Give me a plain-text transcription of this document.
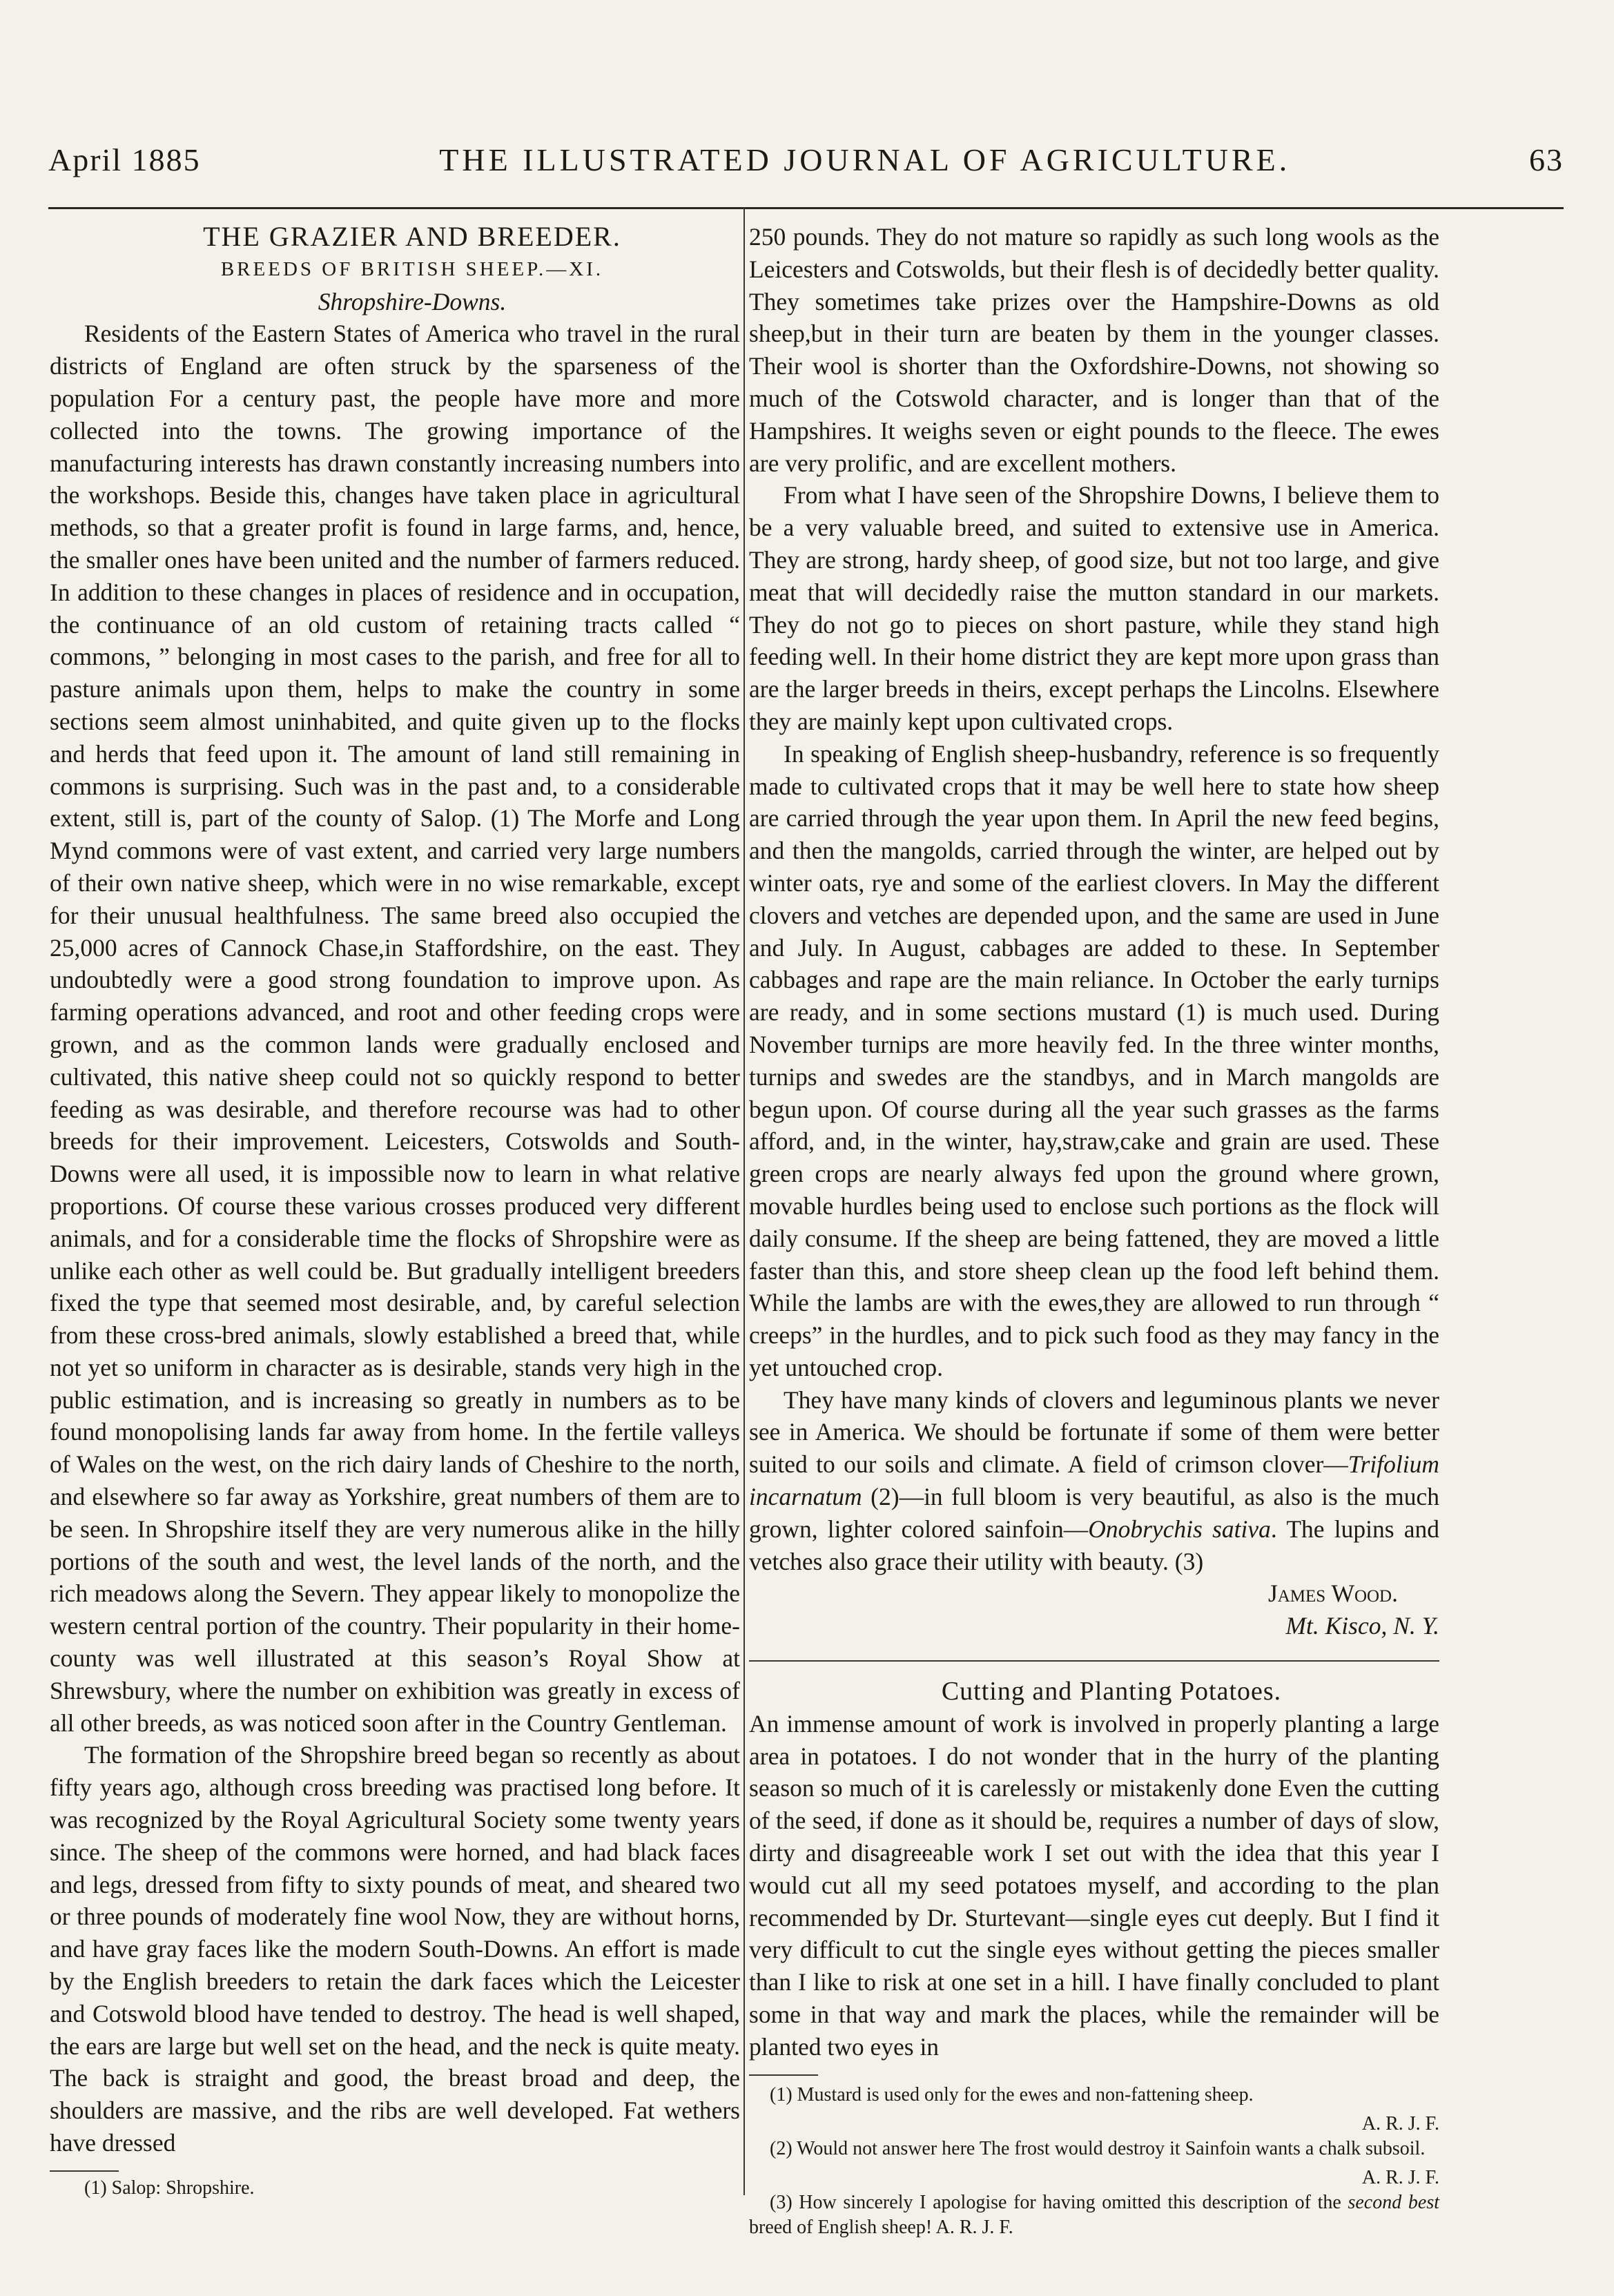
April 1885	THE ILLUSTRATED JOURNAL OF AGRICULTURE.	63

THE GRAZIER AND BREEDER.

BREEDS OF BRITISH SHEEP.—XI.

Shropshire-Downs.

Residents of the Eastern States of America who travel in the rural districts of England are often struck by the sparseness of the population For a century past, the people have more and more collected into the towns. The growing importance of the manufacturing interests has drawn constantly increasing numbers into the workshops. Beside this, changes have taken place in agricultural methods, so that a greater profit is found in large farms, and, hence, the smaller ones have been united and the number of farmers reduced. In addition to these changes in places of residence and in occupation, the continuance of an old custom of retaining tracts called “ commons, ” belonging in most cases to the parish, and free for all to pasture animals upon them, helps to make the country in some sections seem almost uninhabited, and quite given up to the flocks and herds that feed upon it. The amount of land still remaining in commons is surprising. Such was in the past and, to a considerable extent, still is, part of the county of Salop. (1) The Morfe and Long Mynd commons were of vast extent, and carried very large numbers of their own native sheep, which were in no wise remarkable, except for their unusual healthfulness. The same breed also occupied the 25,000 acres of Cannock Chase,in Staffordshire, on the east. They undoubtedly were a good strong foundation to improve upon. As farming operations advanced, and root and other feeding crops were grown, and as the common lands were gradually enclosed and cultivated, this native sheep could not so quickly respond to better feeding as was desirable, and therefore recourse was had to other breeds for their improvement. Leicesters, Cotswolds and South-Downs were all used, it is impossible now to learn in what relative proportions. Of course these various crosses produced very different animals, and for a considerable time the flocks of Shropshire were as unlike each other as well could be. But gradually intelligent breeders fixed the type that seemed most desirable, and, by careful selection from these cross-bred animals, slowly established a breed that, while not yet so uniform in character as is desirable, stands very high in the public estimation, and is increasing so greatly in numbers as to be found monopolising lands far away from home. In the fertile valleys of Wales on the west, on the rich dairy lands of Cheshire to the north, and elsewhere so far away as Yorkshire, great numbers of them are to be seen. In Shropshire itself they are very numerous alike in the hilly portions of the south and west, the level lands of the north, and the rich meadows along the Severn. They appear likely to monopolize the western central portion of the country. Their popularity in their home-county was well illustrated at this season’s Royal Show at Shrewsbury, where the number on exhibition was greatly in excess of all other breeds, as was noticed soon after in the Country Gentleman.

The formation of the Shropshire breed began so recently as about fifty years ago, although cross breeding was practised long before. It was recognized by the Royal Agricultural Society some twenty years since. The sheep of the commons were horned, and had black faces and legs, dressed from fifty to sixty pounds of meat, and sheared two or three pounds of moderately fine wool Now, they are without horns, and have gray faces like the modern South-Downs. An effort is made by the English breeders to retain the dark faces which the Leicester and Cotswold blood have tended to destroy. The head is well shaped, the ears are large but well set on the head, and the neck is quite meaty. The back is straight and good, the breast broad and deep, the shoulders are massive, and the ribs are well developed. Fat wethers have dressed

(1) Salop: Shropshire.

250 pounds. They do not mature so rapidly as such long wools as the Leicesters and Cotswolds, but their flesh is of decidedly better quality. They sometimes take prizes over the Hampshire-Downs as old sheep,but in their turn are beaten by them in the younger classes. Their wool is shorter than the Oxfordshire-Downs, not showing so much of the Cotswold character, and is longer than that of the Hampshires. It weighs seven or eight pounds to the fleece. The ewes are very prolific, and are excellent mothers.

From what I have seen of the Shropshire Downs, I believe them to be a very valuable breed, and suited to extensive use in America. They are strong, hardy sheep, of good size, but not too large, and give meat that will decidedly raise the mutton standard in our markets. They do not go to pieces on short pasture, while they stand high feeding well. In their home district they are kept more upon grass than are the larger breeds in theirs, except perhaps the Lincolns. Elsewhere they are mainly kept upon cultivated crops.

In speaking of English sheep-husbandry, reference is so frequently made to cultivated crops that it may be well here to state how sheep are carried through the year upon them. In April the new feed begins, and then the mangolds, carried through the winter, are helped out by winter oats, rye and some of the earliest clovers. In May the different clovers and vetches are depended upon, and the same are used in June and July. In August, cabbages are added to these. In September cabbages and rape are the main reliance. In October the early turnips are ready, and in some sections mustard (1) is much used. During November turnips are more heavily fed. In the three winter months, turnips and swedes are the standbys, and in March mangolds are begun upon. Of course during all the year such grasses as the farms afford, and, in the winter, hay,straw,cake and grain are used. These green crops are nearly always fed upon the ground where grown, movable hurdles being used to enclose such portions as the flock will daily consume. If the sheep are being fattened, they are moved a little faster than this, and store sheep clean up the food left behind them. While the lambs are with the ewes,they are allowed to run through “ creeps” in the hurdles, and to pick such food as they may fancy in the yet untouched crop.

They have many kinds of clovers and leguminous plants we never see in America. We should be fortunate if some of them were better suited to our soils and climate. A field of crimson clover—Trifolium incarnatum (2)—in full bloom is very beautiful, as also is the much grown, lighter colored sainfoin—Onobrychis sativa. The lupins and vetches also grace their utility with beauty. (3)

James Wood.

Mt. Kisco, N. Y.

Cutting and Planting Potatoes.

An immense amount of work is involved in properly planting a large area in potatoes. I do not wonder that in the hurry of the planting season so much of it is carelessly or mistakenly done Even the cutting of the seed, if done as it should be, requires a number of days of slow, dirty and disagreeable work I set out with the idea that this year I would cut all my seed potatoes myself, and according to the plan recommended by Dr. Sturtevant—single eyes cut deeply. But I find it very difficult to cut the single eyes without getting the pieces smaller than I like to risk at one set in a hill. I have finally concluded to plant some in that way and mark the places, while the remainder will be planted two eyes in

(1) Mustard is used only for the ewes and non-fattening sheep.

A. R. J. F.

(2) Would not answer here The frost would destroy it Sainfoin wants a chalk subsoil.

A. R. J. F.

(3) How sincerely I apologise for having omitted this description of the second best breed of English sheep! A. R. J. F.
